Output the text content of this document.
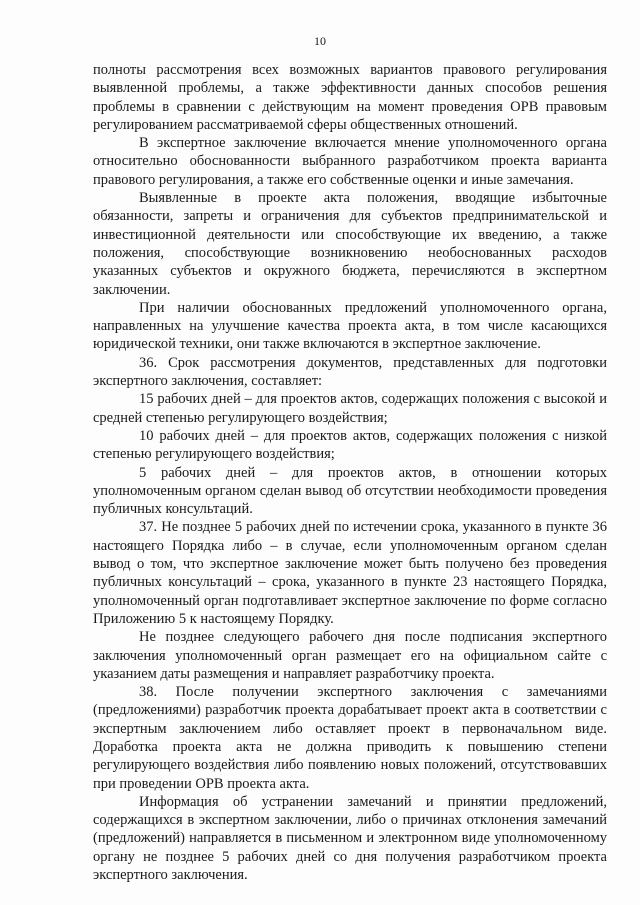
10

полноты рассмотрения всех возможных вариантов правового регулирования выявленной проблемы, а также эффективности данных способов решения проблемы в сравнении с действующим на момент проведения ОРВ правовым регулированием рассматриваемой сферы общественных отношений.

В экспертное заключение включается мнение уполномоченного органа относительно обоснованности выбранного разработчиком проекта варианта правового регулирования, а также его собственные оценки и иные замечания.

Выявленные в проекте акта положения, вводящие избыточные обязанности, запреты и ограничения для субъектов предпринимательской и инвестиционной деятельности или способствующие их введению, а также положения, способствующие возникновению необоснованных расходов указанных субъектов и окружного бюджета, перечисляются в экспертном заключении.

При наличии обоснованных предложений уполномоченного органа, направленных на улучшение качества проекта акта, в том числе касающихся юридической техники, они также включаются в экспертное заключение.

36. Срок рассмотрения документов, представленных для подготовки экспертного заключения, составляет:

15 рабочих дней – для проектов актов, содержащих положения с высокой и средней степенью регулирующего воздействия;

10 рабочих дней – для проектов актов, содержащих положения с низкой степенью регулирующего воздействия;

5 рабочих дней – для проектов актов, в отношении которых уполномоченным органом сделан вывод об отсутствии необходимости проведения публичных консультаций.

37. Не позднее 5 рабочих дней по истечении срока, указанного в пункте 36 настоящего Порядка либо – в случае, если уполномоченным органом сделан вывод о том, что экспертное заключение может быть получено без проведения публичных консультаций – срока, указанного в пункте 23 настоящего Порядка, уполномоченный орган подготавливает экспертное заключение по форме согласно Приложению 5 к настоящему Порядку.

Не позднее следующего рабочего дня после подписания экспертного заключения уполномоченный орган размещает его на официальном сайте с указанием даты размещения и направляет разработчику проекта.

38. После получении экспертного заключения с замечаниями (предложениями) разработчик проекта дорабатывает проект акта в соответствии с экспертным заключением либо оставляет проект в первоначальном виде. Доработка проекта акта не должна приводить к повышению степени регулирующего воздействия либо появлению новых положений, отсутствовавших при проведении ОРВ проекта акта.

Информация об устранении замечаний и принятии предложений, содержащихся в экспертном заключении, либо о причинах отклонения замечаний (предложений) направляется в письменном и электронном виде уполномоченному органу не позднее 5 рабочих дней со дня получения разработчиком проекта экспертного заключения.
